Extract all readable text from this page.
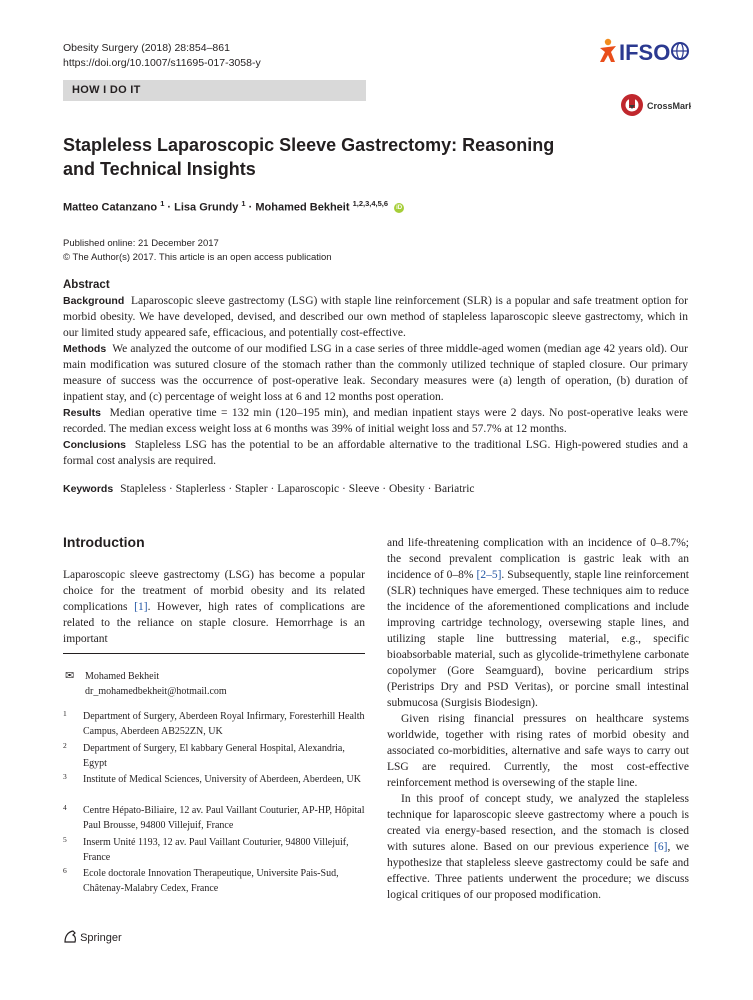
Obesity Surgery (2018) 28:854–861
https://doi.org/10.1007/s11695-017-3058-y
HOW I DO IT
IFSO
CrossMark
Stapleless Laparoscopic Sleeve Gastrectomy: Reasoning and Technical Insights
Matteo Catanzano $^1$ · Lisa Grundy $^1$ · Mohamed Bekheit $^{1,2,3,4,5,6}$ iD
Published online: 21 December 2017
© The Author(s) 2017. This article is an open access publication
Abstract

Background Laparoscopic sleeve gastrectomy (LSG) with staple line reinforcement (SLR) is a popular and safe treatment option for morbid obesity. We have developed, devised, and described our own method of stapleless laparoscopic sleeve gastrectomy, which in our limited study appeared safe, efficacious, and potentially cost-effective.

Methods We analyzed the outcome of our modified LSG in a case series of three middle-aged women (median age 42 years old). Our main modification was sutured closure of the stomach rather than the commonly utilized technique of stapled closure. Our primary measure of success was the occurrence of post-operative leak. Secondary measures were (a) length of operation, (b) duration of inpatient stay, and (c) percentage of weight loss at 6 and 12 months post operation.

Results Median operative time = 132 min (120–195 min), and median inpatient stays were 2 days. No post-operative leaks were recorded. The median excess weight loss at 6 months was 39% of initial weight loss and 57.7% at 12 months.

Conclusions Stapleless LSG has the potential to be an affordable alternative to the traditional LSG. High-powered studies and a formal cost analysis are required.

Keywords Stapleless · Staplerless · Stapler · Laparoscopic · Sleeve · Obesity · Bariatric
Introduction

Laparoscopic sleeve gastrectomy (LSG) has become a popular choice for the treatment of morbid obesity and its related complications [1]. However, high rates of complications are related to the reliance on staple closure. Hemorrhage is an important

✉	Mohamed Bekheit
dr_mohamedbekheit@hotmail.com
1	Department of Surgery, Aberdeen Royal Infirmary, Foresterhill Health Campus, Aberdeen AB252ZN, UK
2	Department of Surgery, El kabbary General Hospital, Alexandria, Egypt
3	Institute of Medical Sciences, University of Aberdeen, Aberdeen, UK
4	Centre Hépato-Biliaire, 12 av. Paul Vaillant Couturier, AP-HP, Hôpital Paul Brousse, 94800 Villejuif, France
5	Inserm Unité 1193, 12 av. Paul Vaillant Couturier, 94800 Villejuif, France
6	Ecole doctorale Innovation Therapeutique, Universite Pais-Sud, Châtenay-Malabry Cedex, France

and life-threatening complication with an incidence of 0–8.7%; the second prevalent complication is gastric leak with an incidence of 0–8% [2–5]. Subsequently, staple line reinforcement (SLR) techniques have emerged. These techniques aim to reduce the incidence of the aforementioned complications and include improving cartridge technology, oversewing staple lines, and utilizing staple line buttressing material, e.g., specific bioabsorbable material, such as glycolide-trimethylene carbonate copolymer (Gore Seamguard), bovine pericardium strips (Peristrips Dry and PSD Veritas), or porcine small intestinal submucosa (Surgisis Biodesign).

Given rising financial pressures on healthcare systems worldwide, together with rising rates of morbid obesity and associated co-morbidities, alternative and safe ways to carry out LSG are required. Currently, the most cost-effective reinforcement method is oversewing of the staple line.

In this proof of concept study, we analyzed the stapleless technique for laparoscopic sleeve gastrectomy where a pouch is created via energy-based resection, and the stomach is closed with sutures alone. Based on our previous experience [6], we hypothesize that stapleless sleeve gastrectomy could be safe and effective. Three patients underwent the procedure; we discuss logical critiques of our proposed modification.

Springer
